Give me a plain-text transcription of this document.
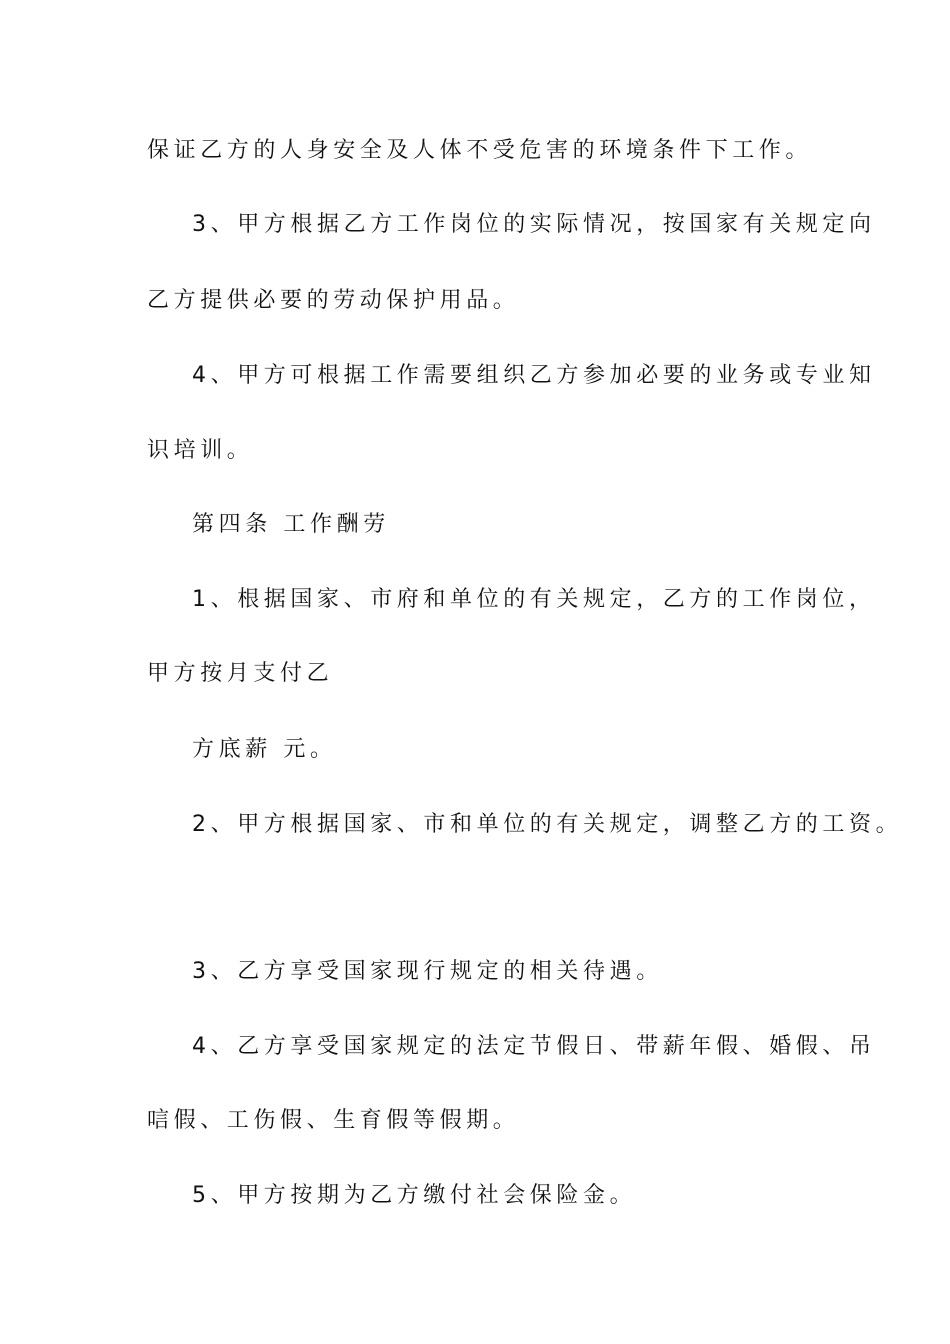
保证乙方的人身安全及人体不受危害的环境条件下工作。
3、甲方根据乙方工作岗位的实际情况，按国家有关规定向
乙方提供必要的劳动保护用品。
4、甲方可根据工作需要组织乙方参加必要的业务或专业知
识培训。
第四条 工作酬劳
1、根据国家、市府和单位的有关规定，乙方的工作岗位，
甲方按月支付乙
方底薪 元。
2、甲方根据国家、市和单位的有关规定，调整乙方的工资。
3、乙方享受国家现行规定的相关待遇。
4、乙方享受国家规定的法定节假日、带薪年假、婚假、吊
唁假、工伤假、生育假等假期。
5、甲方按期为乙方缴付社会保险金。
